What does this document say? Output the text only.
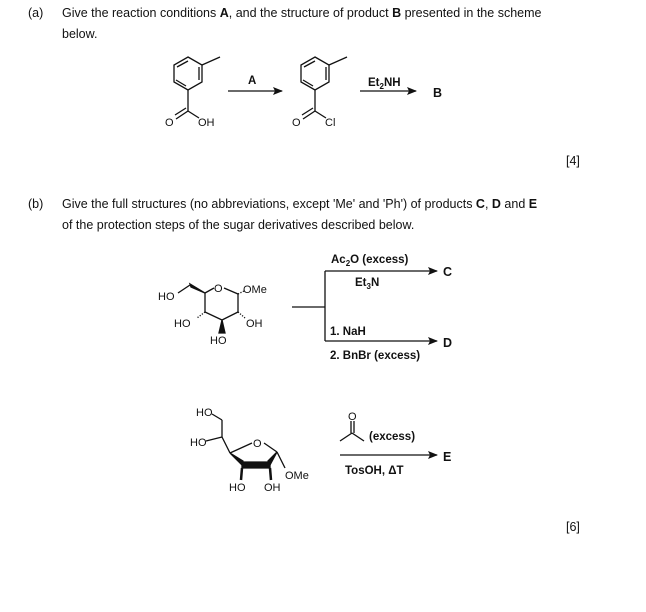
(a) Give the reaction conditions A, and the structure of product B presented in the scheme
below.
[4]
(b) Give the full structures (no abbreviations, except 'Me' and 'Ph') of products C, D and E
of the protection steps of the sugar derivatives described below.
[6]
O OH
A
O Cl
$Et_2NH$
B
HO
O OMe
HO	OH
HO
$Ac_2O$ (excess)
$Et_3N$
1. NaH
2. BnBr (excess)
C
D
HO
HO	O
HO OH
OMe
O
(excess)
TosOH, ΔT
E
